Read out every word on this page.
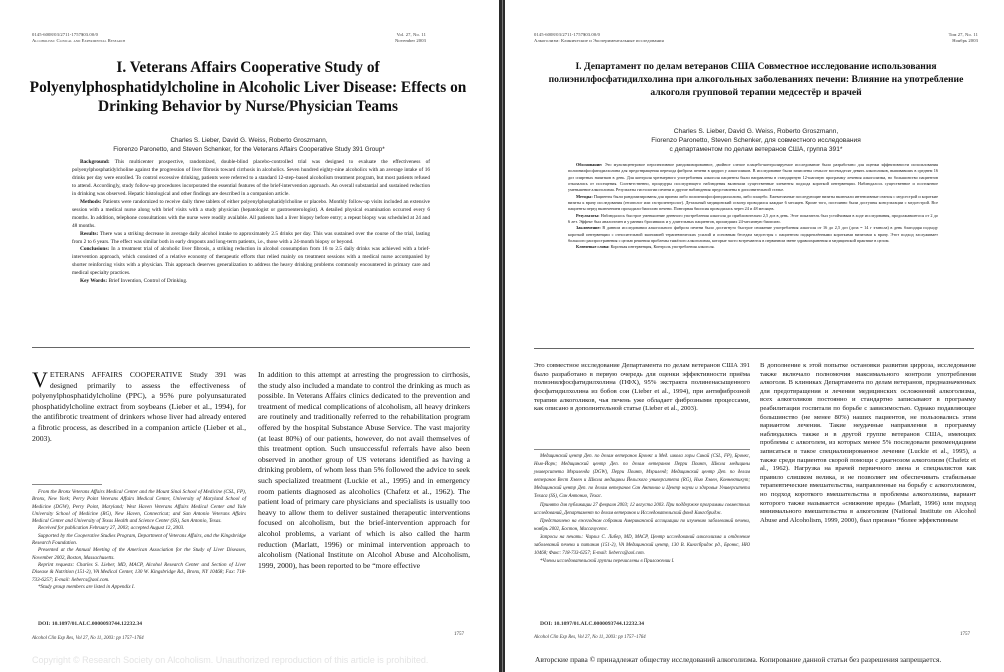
0145-6008/03/2711-1757$03.00/0
Alcoholism: Clinical and Experimental Research
Vol. 27, No. 11
November 2003
I. Veterans Affairs Cooperative Study of Polyenylphosphatidylcholine in Alcoholic Liver Disease: Effects on Drinking Behavior by Nurse/Physician Teams
Charles S. Lieber, David G. Weiss, Roberto Groszmann,
Fiorenzo Paronetto, and Steven Schenker, for the Veterans Affairs Cooperative Study 391 Group*

Background: This multicenter prospective, randomized, double-blind placebo-controlled trial was designed to evaluate the effectiveness of polyenylphosphatidylcholine against the progression of liver fibrosis toward cirrhosis in alcoholics. Seven hundred eighty-nine alcoholics with an average intake of 16 drinks per day were enrolled. To control excessive drinking, patients were referred to a standard 12-step–based alcoholism treatment program, but most patients refused to attend. Accordingly, study follow-up procedures incorporated the essential features of the brief-intervention approach. An overall substantial and sustained reduction in drinking was observed. Hepatic histological and other findings are described in a companion article.

Methods: Patients were randomized to receive daily three tablets of either polyenylphosphatidylcholine or placebo. Monthly follow-up visits included an extensive session with a medical nurse along with brief visits with a study physician (hepatologist or gastroenterologist). A detailed physical examination occurred every 6 months. In addition, telephone consultations with the nurse were readily available. All patients had a liver biopsy before entry; a repeat biopsy was scheduled at 24 and 48 months.

Results: There was a striking decrease in average daily alcohol intake to approximately 2.5 drinks per day. This was sustained over the course of the trial, lasting from 2 to 6 years. The effect was similar both in early dropouts and long-term patients, i.e., those with a 24-month biopsy or beyond.

Conclusions: In a treatment trial of alcoholic liver fibrosis, a striking reduction in alcohol consumption from 16 to 2.5 daily drinks was achieved with a brief-intervention approach, which consisted of a relative economy of therapeutic efforts that relied mainly on treatment sessions with a medical nurse accompanied by shorter reinforcing visits with a physician. This approach deserves generalization to address the heavy drinking problems commonly encountered in primary care and medical specialty practices.

Key Words: Brief Invention, Control of Drinking.

VETERANS AFFAIRS COOPERATIVE Study 391 was designed primarily to assess the effectiveness of polyenylphosphatidylcholine (PPC), a 95% pure polyunsaturated phosphatidylcholine extract from soybeans (Lieber et al., 1994), for the antifibrotic treatment of drinkers whose liver had already entered a fibrotic process, as described in a companion article (Lieber et al., 2003).

From the Bronx Veterans Affairs Medical Center and the Mount Sinai School of Medicine (CSL, FP), Bronx, New York; Perry Point Veterans Affairs Medical Center, University of Maryland School of Medicine (DGW), Perry Point, Maryland; West Haven Veterans Affairs Medical Center and Yale University School of Medicine (RG), New Haven, Connecticut; and San Antonio Veterans Affairs Medical Center and University of Texas Health and Science Center (SS), San Antonio, Texas.

Received for publication February 27, 2003; accepted August 12, 2003.

Supported by the Cooperative Studies Program, Department of Veterans Affairs, and the Kingsbridge Research Foundation.

Presented at the Annual Meeting of the American Association for the Study of Liver Diseases, November 2002, Boston, Massachusetts.

Reprint requests: Charles S. Lieber, MD, MACP, Alcohol Research Center and Section of Liver Disease & Nutrition (151-2), VA Medical Center, 130 W. Kingsbridge Rd., Bronx, NY 10468; Fax: 718-733-6257; E-mail: liebercs@aol.com.

*Study group members are listed in Appendix I.

DOI: 10.1097/01.ALC.0000093744.12232.34
Alcohol Clin Exp Res, Vol 27, No 11, 2003: pp 1757–1764

In addition to this attempt at arresting the progression to cirrhosis, the study also included a mandate to control the drinking as much as possible. In Veterans Affairs clinics dedicated to the prevention and treatment of medical complications of alcoholism, all heavy drinkers are routinely and traditionally referred to the rehabilitation program offered by the hospital Substance Abuse Service. The vast majority (at least 80%) of our patients, however, do not avail themselves of this treatment option. Such unsuccessful referrals have also been observed in another group of US veterans identified as having a drinking problem, of whom less than 5% followed the advice to seek such specialized treatment (Luckie et al., 1995) and in emergency room patients diagnosed as alcoholics (Chafetz et al., 1962). The patient load of primary care physicians and specialists is usually too heavy to allow them to deliver sustained therapeutic interventions focused on alcoholism, but the brief-intervention approach for alcohol problems, a variant of which is also called the harm reduction (Marlatt, 1996) or minimal intervention approach to alcoholism (National Institute on Alcohol Abuse and Alcoholism, 1999, 2000), has been reported to be “more effective

1757
0145-6008/03/2711-1757$03.00/0
Алкоголизм: Клинические и Экспериментальные исследования
Том 27, No. 11
Ноябрь 2003
I. Департамент по делам ветеранов США Совместное исследование использования полиэнилфосфатидилхолина при алкогольных заболеваниях печени: Влияние на употребление алкоголя групповой терапии медсестёр и врачей
Charles S. Lieber, David G. Weiss, Roberto Groszmann,
Fiorenzo Paronetto, Steven Schenker, для совместного исследования
с департаментом по делам ветеранов США, группа 391*

Обоснование: Это мультицентровое перспективное рандомизированное, двойное слепое плацебо-контролируемое исследование было разработано для оценки эффективности использования полиэнилфосфатидилхолина для предотвращения перехода фиброза печени в цирроз у алкоголиков. В исследование были зачислены семьсот восемьдесят девять алкоголиков, выпивавших в среднем 16 доз спиртных напитков в день. Для контроля чрезмерного употребления алкоголя пациенты были направлены в стандартную 12-шаговую программу лечения алкоголизма, но большинство пациентов отказались от посещения. Соответственно, процедуры последующего наблюдения включали существенные элементы подхода короткой интервенции. Наблюдалось существенное и постоянное уменьшение алкоголизма. Результаты гистологии печени и другие наблюдения представлены в дополнительной статье.

Методы: Пациенты были рандомизированы для приема либо полиэнилфосфатидилхолина, либо плацебо. Ежемесячные последующие визиты включали интенсивные сеансы с медсестрой и короткие визиты к врачу исследования (гепатолог или гастроэнтеролог). Детальный медицинский осмотр проводился каждые 6 месяцев. Кроме того, постоянно были доступны консультации с медсестрой. Все пациенты перед включением проходили биопсию печени. Повторная биопсия проводилась через 24 и 48 месяцев.

Результаты: Наблюдалось быстрое уменьшение дневного употребления алкоголя до приблизительно 2,5 доз в день. Этот показатель был устойчивым в ходе исследования, продолжавшегося от 2 до 6 лет. Эффект был аналогичен и у ранних бросивших и у длительных пациентов, прошедших 24-месячную биопсию.

Заключение: В данном исследовании алкогольного фиброза печени было достигнуто быстрое снижение употребления алкоголя от 16 до 2,5 доз (доза = 14 г этанола) в день благодаря подходу короткой интервенции с относительной экономией терапевтических усилий и основным беседам медсестры с пациентом подкреплёнными короткими визитами к врачу. Этот подход заслуживает большого распространения с целью решения проблемы тяжёлого алкоголизма, которые часто встречаются в первичном звене здравоохранения и медицинской практике в целом.

Ключевые слова: Короткая интервенция, Контроль употребления алкоголя.

Это совместное исследование Департамента по делам ветеранов США 391 было разработано в первую очередь для оценки эффективности приёма полиэнилфосфатидилхолина (ПФХ), 95% экстракта полиненасыщенного фосфатидилхолина из бобов сои (Lieber et al., 1994), при антифиброзной терапии алкоголиков, чья печень уже обладает фиброзными процессами, как описано в дополнительной статье (Lieber et al., 2003).

Медицинский центр Деп. по делам ветеранов Бронкс и Мед. школа горы Синай (CSL, FP), Бронкс, Нью-Йорк; Медицинский центр Деп. по делам ветеранов Перри Поинт, Школа медицины университета Мэриленда (DGW), Перри Поинт, Мэриленд; Медицинский центр Деп. по делам ветеранов Вест Хэвен и Школа медицины Йельского университета (RG), Нью Хэвен, Коннектикут; Медицинский центр Деп. по делам ветеранов Сан Антонио и Центр науки и здоровья Университета Техаса (SS), Сан Антонио, Техас.

Принято для публикации 27 февраля 2003; 12 августа 2003. При поддержке программы совместных исследований, Департамент по делам ветеранов и Исследовательский фонд Кингсбридж.

Представлено на ежегодном собрании Американской ассоциации по изучению заболеваний печени, ноябрь 2002, Бостон, Массачусетс.

Запросы на печать: Чарльз С. Либер, MD, MACP, Центр исследований алкоголизма и отделение заболеваний печени и питания (151-2), VA Медицинский центр, 130 В. Кингсбридж рд., Бронкс, НЮ 10468; Факс: 718-733-6257; E-mail: liebercs@aol.com.

*Члены исследовательской группы перечислены в Приложении I.

DOI: 10.1097/01.ALC.0000093744.12232.34
Alcohol Clin Exp Res, Vol 27, No 11, 2003: pp 1757–1764

В дополнение к этой попытке остановки развития цирроза, исследование также включало полномочия максимального контроля употребления алкоголя. В клиниках Департамента по делам ветеранов, предназначенных для предотвращения и лечения медицинских осложнений алкоголизма, всех алкоголиков постоянно и стандартно записывают в программу реабилитации госпиталя по борьбе с зависимостью. Однако подавляющее большинство (не менее 80%) наших пациентов, не пользовались этим вариантом лечения. Такие неудачные направления в программу наблюдались также и в другой группе ветеранов США, имеющих проблемы с алкоголем, из которых менее 5% последовали рекомендациям записаться в такое специализированное лечение (Luckie et al., 1995), а также среди пациентов скорой помощи с диагнозом алкоголизм (Chafetz et al., 1962). Нагрузка на врачей первичного звена и специалистов как правило слишком велика, и не позволяет им обеспечивать стабильные терапевтические вмешательства, направленные на борьбу с алкоголизмом, но подход короткого вмешательства в проблемы алкоголизма, вариант которого также называется «снижение вреда» (Marlatt, 1996) или подход минимального вмешательства в алкоголизм (National Institute on Alcohol Abuse and Alcoholism, 1999, 2000), был признан “более эффективным

1757
Copyright © Research Society on Alcoholism. Unauthorized reproduction of this article is prohibited.	Авторские права © принадлежат обществу исследований алкоголизма. Копирование данной статьи без разрешения запрещается.
